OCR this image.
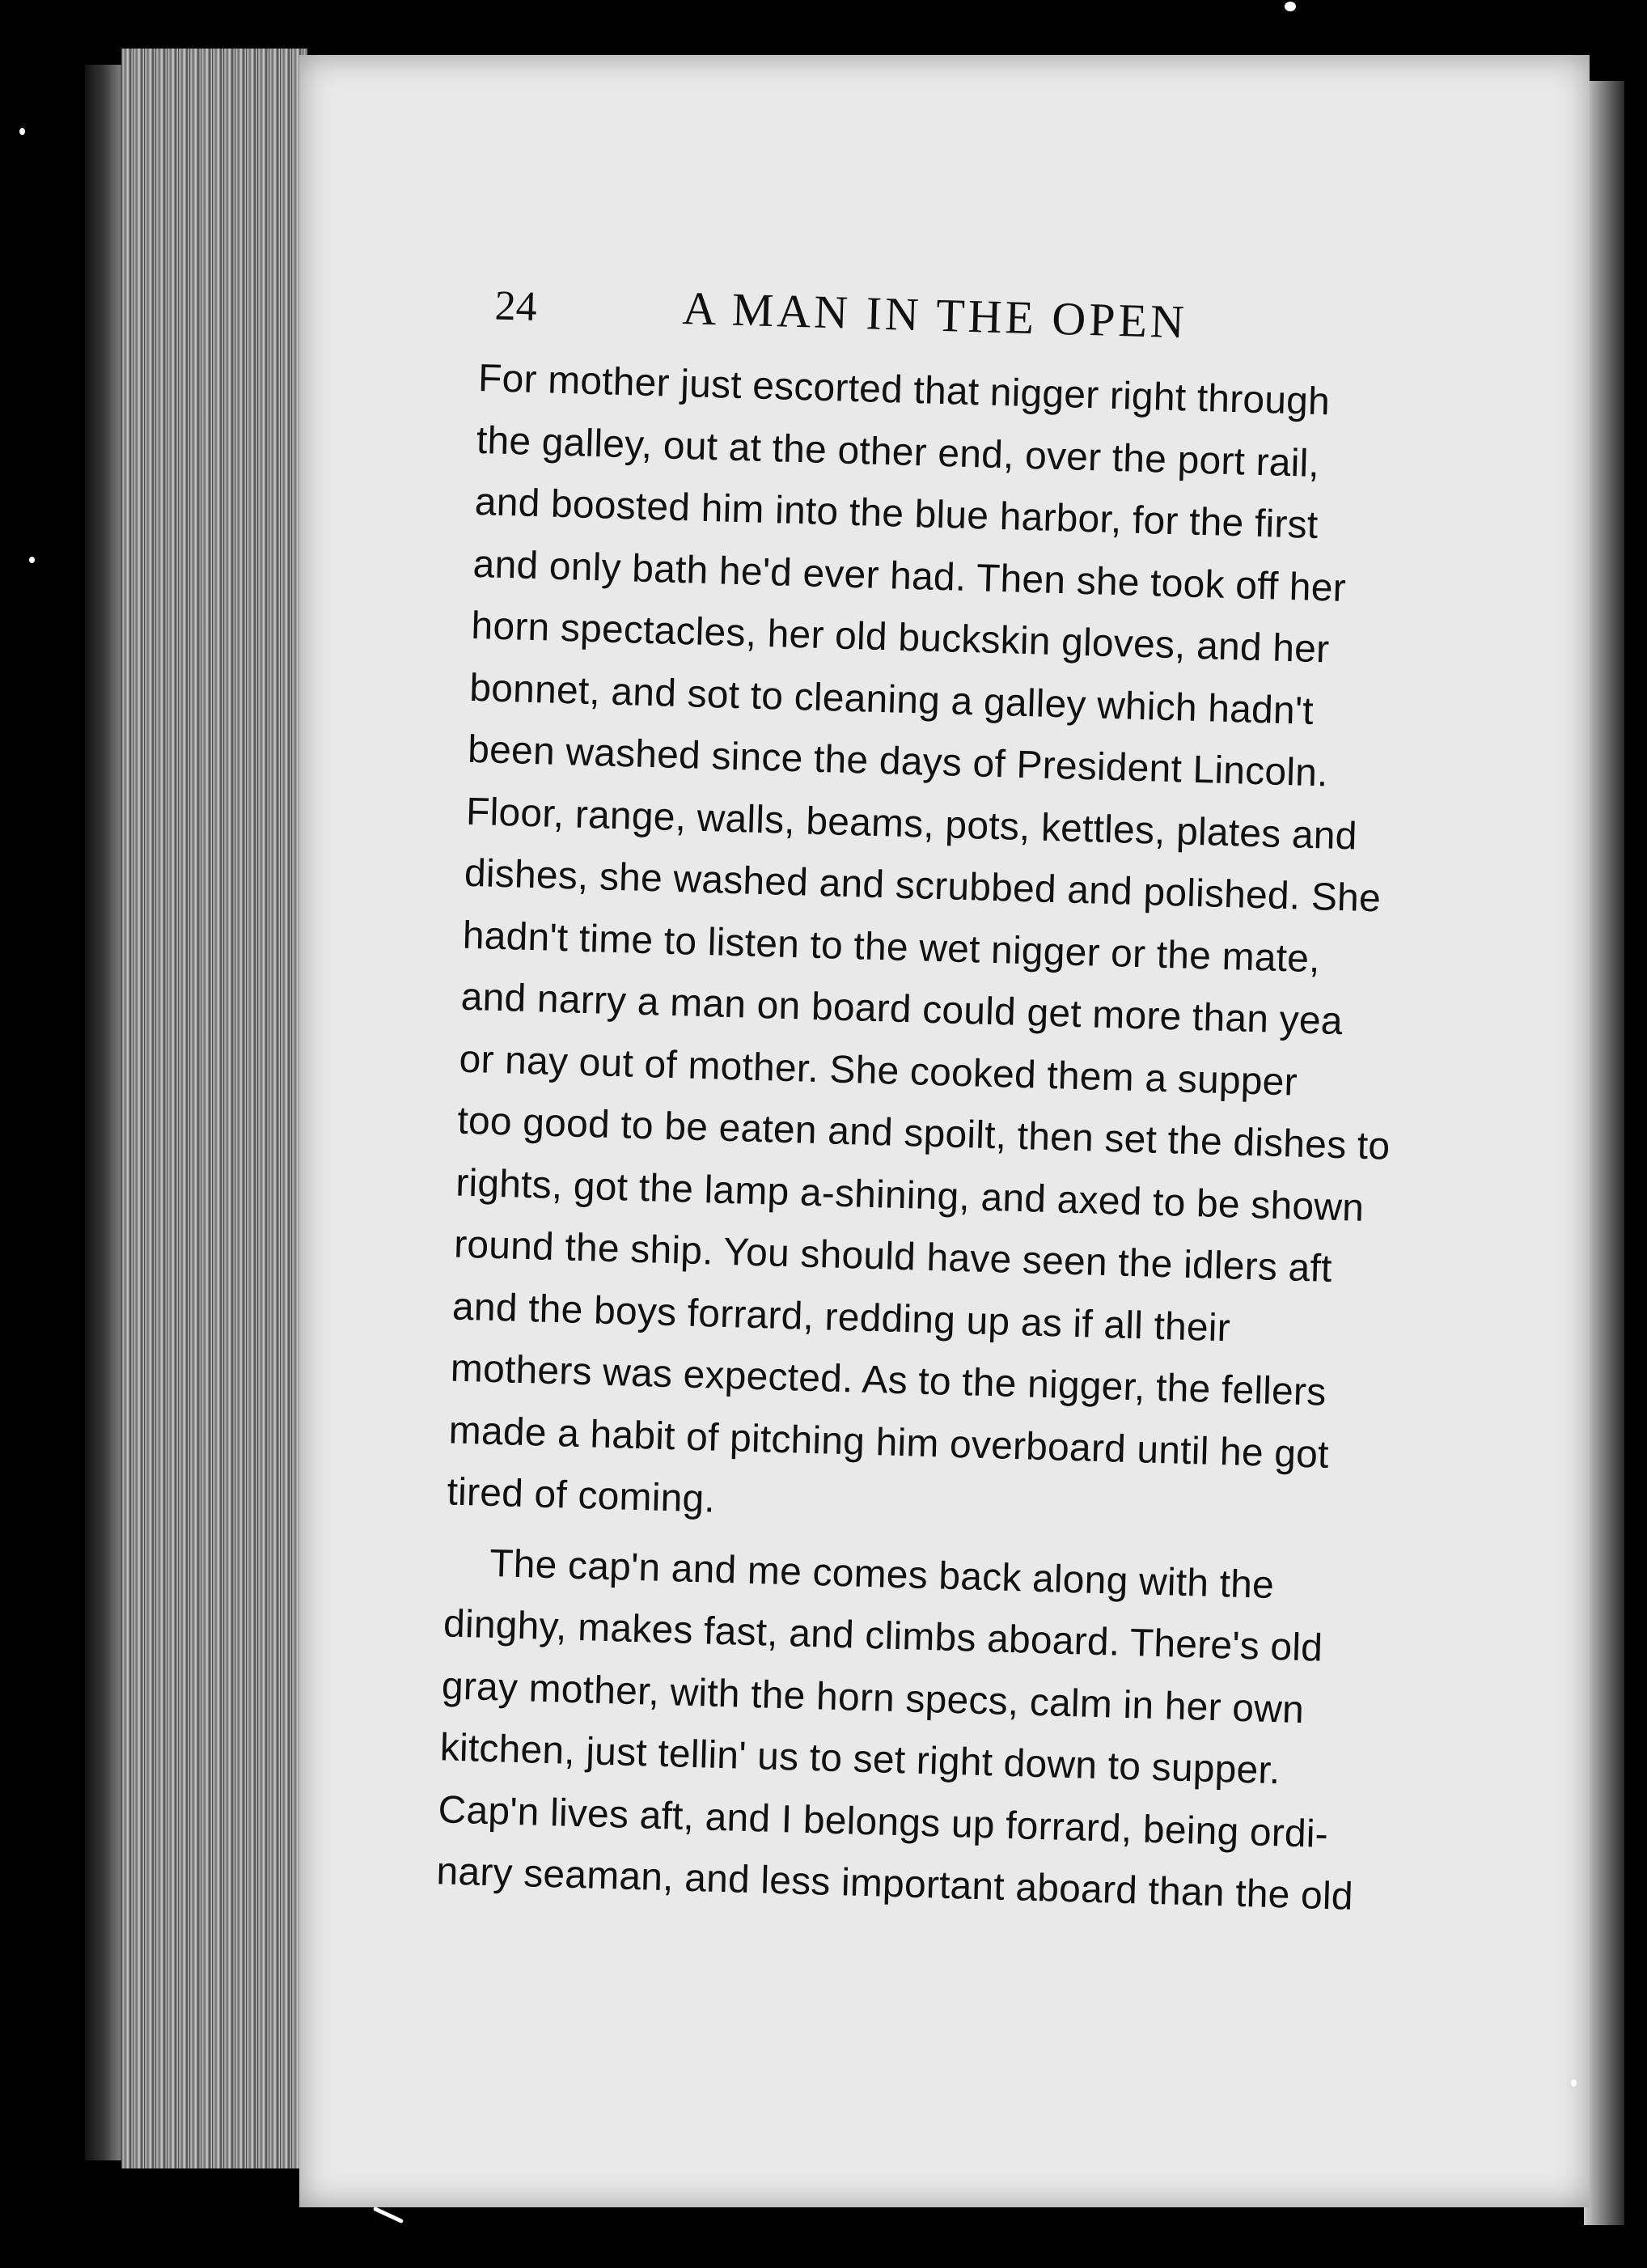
24	A MAN IN THE OPEN
For mother just escorted that nigger right through
the galley, out at the other end, over the port rail,
and boosted him into the blue harbor, for the first
and only bath he'd ever had. Then she took off her
horn spectacles, her old buckskin gloves, and her
bonnet, and sot to cleaning a galley which hadn't
been washed since the days of President Lincoln.
Floor, range, walls, beams, pots, kettles, plates and
dishes, she washed and scrubbed and polished. She
hadn't time to listen to the wet nigger or the mate,
and narry a man on board could get more than yea
or nay out of mother. She cooked them a supper
too good to be eaten and spoilt, then set the dishes to
rights, got the lamp a-shining, and axed to be shown
round the ship. You should have seen the idlers aft
and the boys forrard, redding up as if all their
mothers was expected. As to the nigger, the fellers
made a habit of pitching him overboard until he got
tired of coming.
The cap'n and me comes back along with the
dinghy, makes fast, and climbs aboard. There's old
gray mother, with the horn specs, calm in her own
kitchen, just tellin' us to set right down to supper.
Cap'n lives aft, and I belongs up forrard, being ordi-
nary seaman, and less important aboard than the old
